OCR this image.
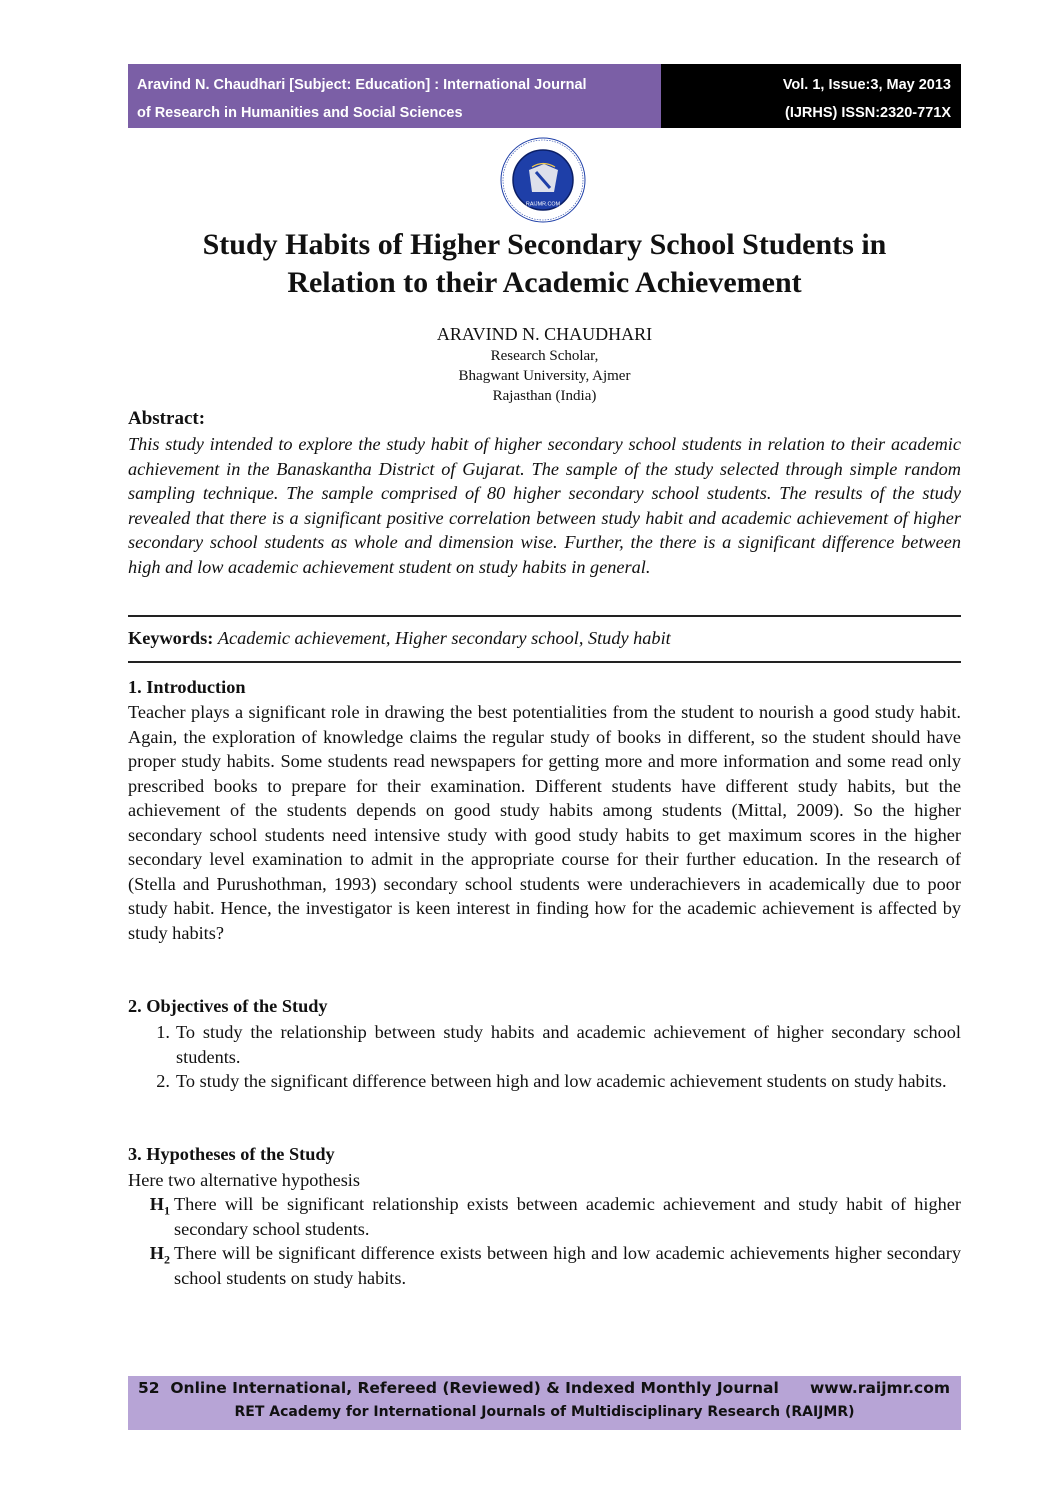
Aravind N. Chaudhari [Subject: Education] : International Journal
of Research in Humanities and Social Sciences
Vol. 1, Issue:3, May 2013
(IJRHS) ISSN:2320-771X
RAIJMR.COM
Study Habits of Higher Secondary School Students in
Relation to their Academic Achievement
ARAVIND N. CHAUDHARI
Research Scholar,
Bhagwant University, Ajmer
Rajasthan (India)
Abstract:
This study intended to explore the study habit of higher secondary school students in relation to their academic achievement in the Banaskantha District of Gujarat. The sample of the study selected through simple random sampling technique. The sample comprised of 80 higher secondary school students. The results of the study revealed that there is a significant positive correlation between study habit and academic achievement of higher secondary school students as whole and dimension wise. Further, the there is a significant difference between high and low academic achievement student on study habits in general.
Keywords: Academic achievement, Higher secondary school, Study habit
1. Introduction
Teacher plays a significant role in drawing the best potentialities from the student to nourish a good study habit. Again, the exploration of knowledge claims the regular study of books in different, so the student should have proper study habits. Some students read newspapers for getting more and more information and some read only prescribed books to prepare for their examination. Different students have different study habits, but the achievement of the students depends on good study habits among students (Mittal, 2009). So the higher secondary school students need intensive study with good study habits to get maximum scores in the higher secondary level examination to admit in the appropriate course for their further education. In the research of (Stella and Purushothman, 1993) secondary school students were underachievers in academically due to poor study habit. Hence, the investigator is keen interest in finding how for the academic achievement is affected by study habits?
2. Objectives of the Study
1. To study the relationship between study habits and academic achievement of higher secondary school students.
2. To study the significant difference between high and low academic achievement students on study habits.
3. Hypotheses of the Study
Here two alternative hypothesis
$H_1$ There will be significant relationship exists between academic achievement and study habit of higher secondary school students.
$H_2$ There will be significant difference exists between high and low academic achievements higher secondary school students on study habits.
52 Online International, Refereed (Reviewed) & Indexed Monthly Journal www.raijmr.com
RET Academy for International Journals of Multidisciplinary Research (RAIJMR)
